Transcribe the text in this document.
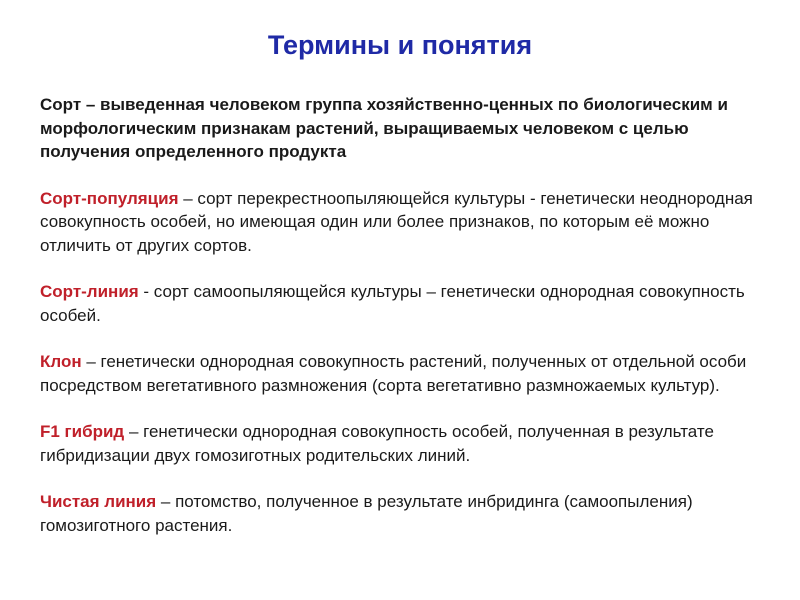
Термины и понятия

Сорт – выведенная человеком группа хозяйственно-ценных по биологическим и морфологическим признакам растений, выращиваемых человеком с целью получения определенного продукта

Сорт-популяция – сорт перекрестноопыляющейся культуры - генетически неоднородная совокупность особей, но имеющая один или более признаков, по которым её можно отличить от других сортов.

Сорт-линия - сорт самоопыляющейся культуры – генетически однородная совокупность особей.

Клон – генетически однородная совокупность растений, полученных от отдельной особи посредством вегетативного размножения (сорта вегетативно размножаемых культур).

F1 гибрид – генетически однородная совокупность особей, полученная в результате гибридизации двух гомозиготных родительских линий.

Чистая линия – потомство, полученное в результате инбридинга (самоопыления) гомозиготного растения.
